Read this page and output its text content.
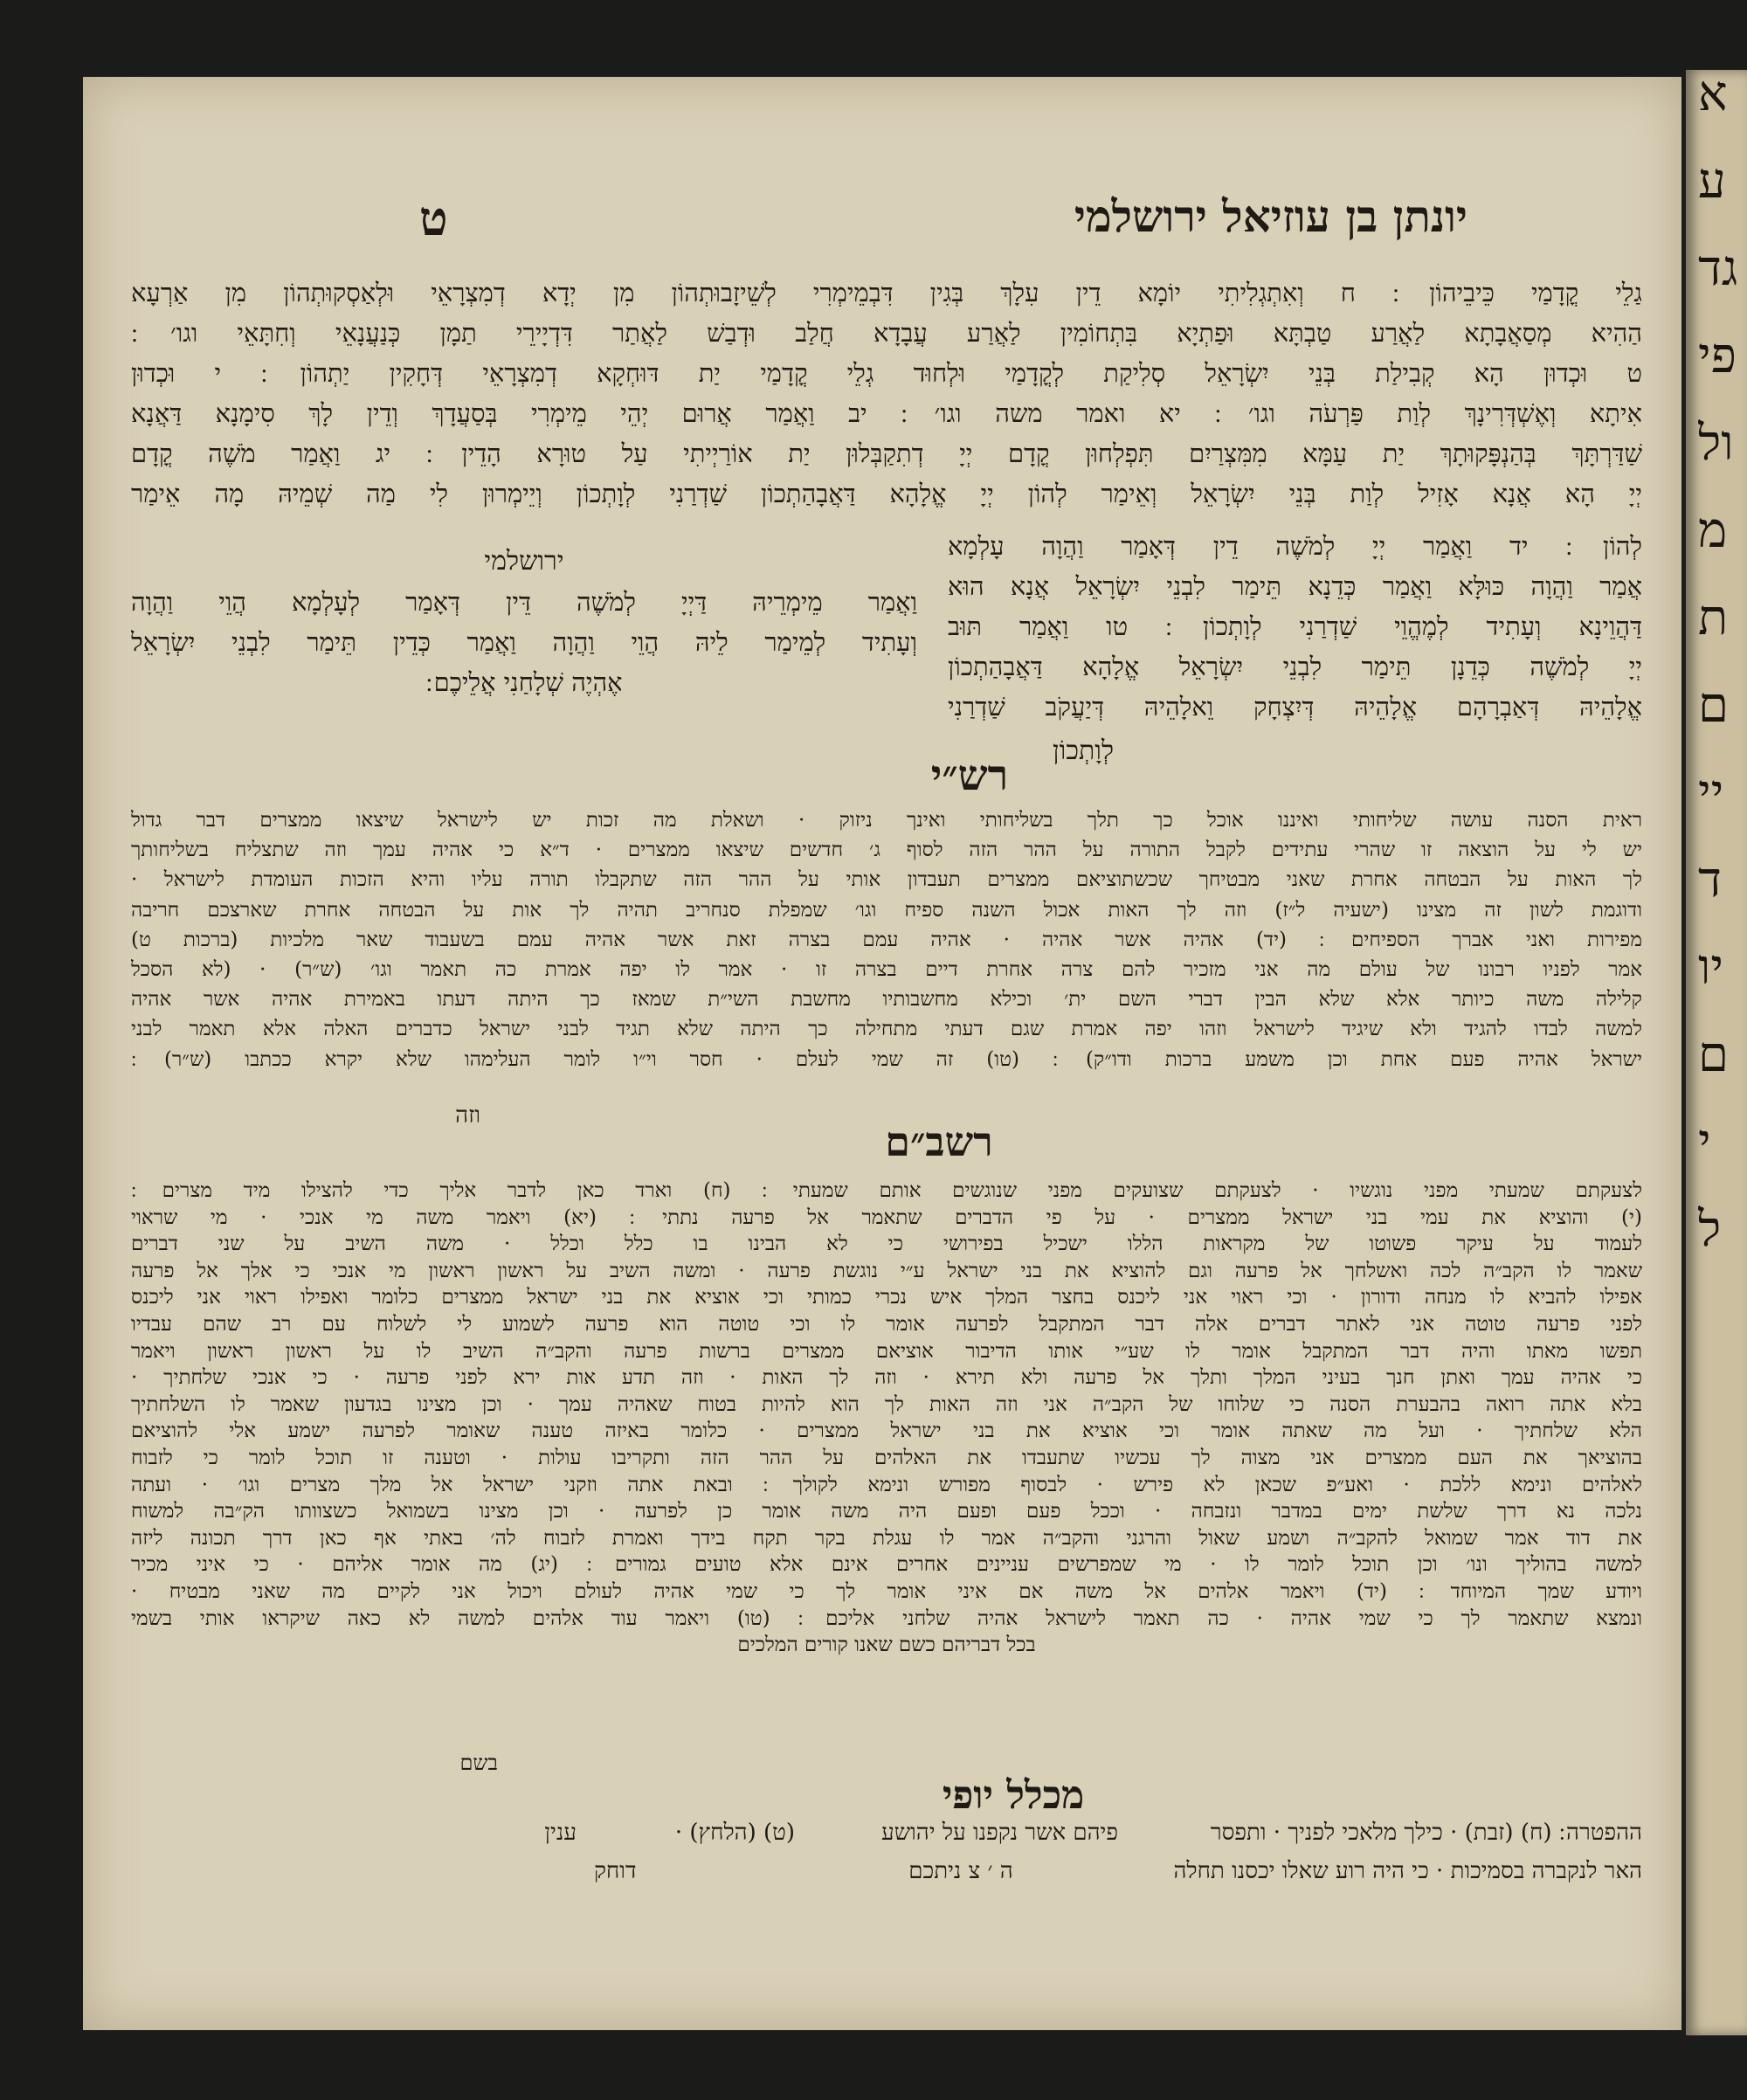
א
ע
גד
פי
ול
מ
ת
ם
יי
ד
יו
ם
י
ל
יונתן בן עוזיאל ירושלמי
ט
גַלֵי קֳדָמַי כֵּיבֵיהוֹן ׃ ח וְאִתְגְלִיתִי יוֹמָא דֵין עִלָךְ בְּגִין דִּבְמֵימְרִי לְשֵׁיזָבוּתְהוֹן מִן יְדָא דְמִצְרָאֵי וּלְאַסְקוּתְהוֹן מִן אַרְעָא
הַהִיא מְסַאֲבָתָא לַאֲרַע טַבְתָּא וּפַתְיָא בִּתְחוֹמִין לַאֲרַע עֲבָדָא חֲלַב וּדְבַשׁ לַאֲתַר דִּדְיָירֵי תַמָן כְּנַעֲנָאֵי וְחִתָּאֵי וגו׳ ׃
ט וּכְדוּן הָא קְבִילַת בְּנֵי יִשְׂרָאֵל סְלִיקַת לְקֳדָמַי וּלְחוּד גְלֵי קֳדָמַי יַת דּוּחְקָא דְמִצְרָאֵי דְּחָקִין יַתְהוֹן ׃ י וּכְדוּן
אִיתָא וְאֶשְׁדְּרִינָךְ לְוַת פַּרְעֹה וגו׳ ׃ יא ואמר משה וגו׳ ׃ יב וַאֲמַר אֲרוּם יְהֵי מֵימְרִי בְּסַעֲדָךְ וְדֵין לָךְ סִימָנָא דַּאֲנָא
שַׁדַּרְתָּךְ בְּהַנְפָּקוּתָךְ יַת עַמָּא מִמִּצְרַיִם תִּפְלְחוּן קֳדָם יְיָ דְתִקַבְּלוּן יַת אוֹרַיְיתִי עַל טוּרָא הָדֵין ׃ יג וַאֲמַר מֹשֶׁה קֳדָם
יְיָ הָא אֲנָא אָזִיל לְוַת בְּנֵי יִשְׂרָאֵל וְאֵימַר לְהוֹן יְיָ אֱלָהָא דַּאֲבָהַתְכוֹן שַׁדְרַנִי לְוָתְכוֹן וְיֵימְרוּן לִי מַה שְׁמֵיהּ מָה אֵימַר
לְהוֹן ׃ יד וַאֲמַר יְיָ לְמֹשֶׁה דֵין דְּאָמַר וַהֲוָה עָלְמָא
אֲמַר וַהֲוָה כּוּלָּא וַאֲמַר כְּדֵנָא תֵּימַר לִבְנֵי יִשְׂרָאֵל אֲנָא הוּא
דַּהֲוֵינָא וְעָתִיד לְמֶהֱוֵי שַׁדְרַנִי לְוָתְכוֹן ׃ טו וַאֲמַר תּוּב
יְיָ לְמֹשֶׁה כְּדֵנָן תֵּימַר לִבְנֵי יִשְׂרָאֵל אֱלָהָא דַּאֲבָהַתְכוֹן
אֱלָהֵיהּ דְּאַבְרָהָם אֱלָהֵיהּ דְּיִצְחָק וֵאלָהֵיהּ דְּיַעֲקֹב שַׁדְרַנִי
לְוָתְכוֹן
ירושלמי
וַאֲמַר מֵימְרֵיהּ דַּיְיָ לְמֹשֶׁה דֵּין דְּאָמַר לְעָלְמָא הֲוֵי וַהֲוָה
וְעָתִיד לְמֵימַר לֵיהּ הֲוֵי וַהֲוָה וַאֲמַר כְּדֵין תֵּימַר לִבְנֵי יִשְׂרָאֵל
אֶהְיֶה שְׁלָחַנִי אֲלֵיכֶם ׃
רש״י
ראית הסנה עושה שליחותי ואיננו אוכל כך תלך בשליחותי ואינך ניזוק · ושאלת מה זכות יש לישראל שיצאו ממצרים דבר גדול
יש לי על הוצאה זו שהרי עתידים לקבל התורה על ההר הזה לסוף ג׳ חדשים שיצאו ממצרים · ד״א כי אהיה עמך וזה שתצליח בשליחותך
לך האות על הבטחה אחרת שאני מבטיחך שכשתוציאם ממצרים תעבדון אותי על ההר הזה שתקבלו תורה עליו והיא הזכות העומדת לישראל ·
ודוגמת לשון זה מצינו (ישעיה ל״ז) וזה לך האות אכול השנה ספיח וגו׳ שמפלת סנחריב תהיה לך אות על הבטחה אחרת שארצכם חריבה
מפירות ואני אברך הספיחים ׃ (יד) אהיה אשר אהיה · אהיה עמם בצרה זאת אשר אהיה עמם בשעבוד שאר מלכיות (ברכות ט)
אמר לפניו רבונו של עולם מה אני מזכיר להם צרה אחרת דיים בצרה זו · אמר לו יפה אמרת כה תאמר וגו׳ (ש״ר) · (לא הסכל
קלילה משה כיותר אלא שלא הבין דברי השם ית׳ וכילא מחשבותיו מחשבת השי״ת שמאז כך היתה דעתו באמירת אהיה אשר אהיה
למשה לבדו להגיד ולא שיגיד לישראל וזהו יפה אמרת שגם דעתי מתחילה כך היתה שלא תגיד לבני ישראל כדברים האלה אלא תאמר לבני
ישראל אהיה פעם אחת וכן משמע ברכות ודו״ק) ׃ (טו) זה שמי לעלם · חסר וי״ו לומר העלימהו שלא יקרא ככתבו (ש״ר) ׃
וזה
רשב״ם
לצעקתם שמעתי מפני נוגשיו · לצעקתם שצועקים מפני שנוגשים אותם שמעתי ׃ (ח) וארד כאן לדבר אליך כדי להצילו מיד מצרים ׃
(י) והוציא את עמי בני ישראל ממצרים · על פי הדברים שתאמר אל פרעה נתתי ׃ (יא) ויאמר משה מי אנכי · מי שראוי
לעמוד על עיקר פשוטו של מקראות הללו ישכיל בפירושי כי לא הבינו בו כלל וכלל · משה השיב על שני דברים
שאמר לו הקב״ה לכה ואשלחך אל פרעה וגם להוציא את בני ישראל ע״י נוגשת פרעה · ומשה השיב על ראשון ראשון מי אנכי כי אלך אל פרעה
אפילו להביא לו מנחה ודורון · וכי ראוי אני ליכנס בחצר המלך איש נכרי כמותי וכי אוציא את בני ישראל ממצרים כלומר ואפילו ראוי אני ליכנס
לפני פרעה טוטה אני לאתר דברים אלה דבר המתקבל לפרעה אומר לו וכי טוטה הוא פרעה לשמוע לי לשלוח עם רב שהם עבדיו
תפשו מאתו והיה דבר המתקבל אומר לו שע״י אותו הדיבור אוציאם ממצרים ברשות פרעה והקב״ה השיב לו על ראשון ראשון ויאמר
כי אהיה עמך ואתן חנך בעיני המלך ותלך אל פרעה ולא תירא · וזה לך האות · וזה תדע אות ירא לפני פרעה · כי אנכי שלחתיך ·
בלא אתה רואה בהבערת הסנה כי שלוחו של הקב״ה אני וזה האות לך הוא להיות בטוח שאהיה עמך · וכן מצינו בגדעון שאמר לו השלחתיך
הלא שלחתיך · ועל מה שאתה אומר וכי אוציא את בני ישראל ממצרים · כלומר באיזה טענה שאומר לפרעה ישמע אלי להוציאם
בהוציאך את העם ממצרים אני מצוה לך עכשיו שתעבדו את האלהים על ההר הזה ותקריבו עולות · וטענה זו תוכל לומר כי לזבוח
לאלהים ונימא ללכת · ואע״פ שכאן לא פירש · לבסוף מפורש ונימא לקולך ׃ ובאת אתה וזקני ישראל אל מלך מצרים וגו׳ · ועתה
נלכה נא דרך שלשת ימים במדבר ונזבחה · וככל פעם ופעם היה משה אומר כן לפרעה · וכן מצינו בשמואל כשצוותו הק״בה למשוח
את דוד אמר שמואל להקב״ה ושמע שאול והרגני והקב״ה אמר לו עגלת בקר תקח בידך ואמרת לזבוח לה׳ באתי אף כאן דרך תכונה ליזה
למשה בהוליך ונו׳ וכן תוכל לומר לו · מי שמפרשים עניינים אחרים אינם אלא טועים גמורים ׃ (יג) מה אומר אליהם · כי איני מכיר
ויודע שמך המיוחד ׃ (יד) ויאמר אלהים אל משה אם איני אומר לך כי שמי אהיה לעולם ויכול אני לקיים מה שאני מבטיח ·
ונמצא שתאמר לך כי שמי אהיה · כה תאמר לישראל אהיה שלחני אליכם ׃ (טו) ויאמר עוד אלהים למשה לא כאה שיקראו אותי בשמי
בכל דבריהם כשם שאנו קורים המלכים
בשם
מכלל יופי
ההפטרה ׃ (ח) (זבת) · כילך מלאכי לפניך · ותפסר
האר לנקברה בסמיכות · כי היה רוע שאלו יכסנו תחלה
פיהם אשר נקפנו על יהושע
ה ׳ צ ניתכם
(ט) (הלחץ) ·
דוחק
ענין
